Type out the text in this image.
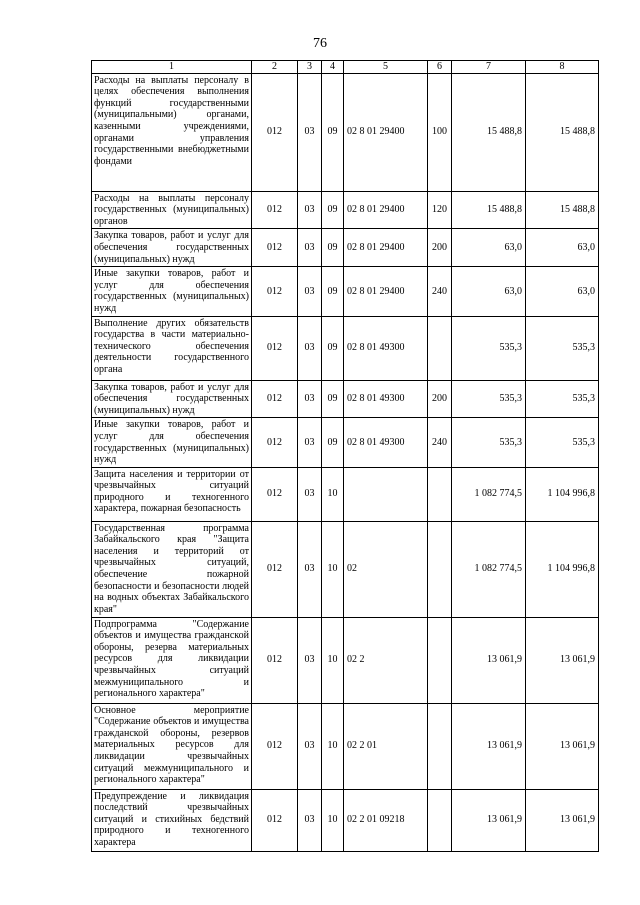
76
1	2	3	4	5	6	7	8
Расходы на выплаты персоналу в целях обеспечения выполнения функций государственными (муниципальными) органами, казенными учреждениями, органами управления государственными внебюджетными фондами	012	03	09	02 8 01 29400	100	15 488,8	15 488,8
Расходы на выплаты персоналу государственных (муниципальных) органов	012	03	09	02 8 01 29400	120	15 488,8	15 488,8
Закупка товаров, работ и услуг для обеспечения государственных (муниципальных) нужд	012	03	09	02 8 01 29400	200	63,0	63,0
Иные закупки товаров, работ и услуг для обеспечения государственных (муниципальных) нужд	012	03	09	02 8 01 29400	240	63,0	63,0
Выполнение других обязательств государства в части материально-технического обеспечения деятельности государственного органа	012	03	09	02 8 01 49300		535,3	535,3
Закупка товаров, работ и услуг для обеспечения государственных (муниципальных) нужд	012	03	09	02 8 01 49300	200	535,3	535,3
Иные закупки товаров, работ и услуг для обеспечения государственных (муниципальных) нужд	012	03	09	02 8 01 49300	240	535,3	535,3
Защита населения и территории от чрезвычайных ситуаций природного и техногенного характера, пожарная безопасность	012	03	10			1 082 774,5	1 104 996,8
Государственная программа Забайкальского края "Защита населения и территорий от чрезвычайных ситуаций, обеспечение пожарной безопасности и безопасности людей на водных объектах Забайкальского края"	012	03	10	02		1 082 774,5	1 104 996,8
Подпрограмма "Содержание объектов и имущества гражданской обороны, резерва материальных ресурсов для ликвидации чрезвычайных ситуаций межмуниципального и регионального характера"	012	03	10	02 2		13 061,9	13 061,9
Основное мероприятие "Содержание объектов и имущества гражданской обороны, резервов материальных ресурсов для ликвидации чрезвычайных ситуаций межмуниципального и регионального характера"	012	03	10	02 2 01		13 061,9	13 061,9
Предупреждение и ликвидация последствий чрезвычайных ситуаций и стихийных бедствий природного и техногенного характера	012	03	10	02 2 01 09218		13 061,9	13 061,9
